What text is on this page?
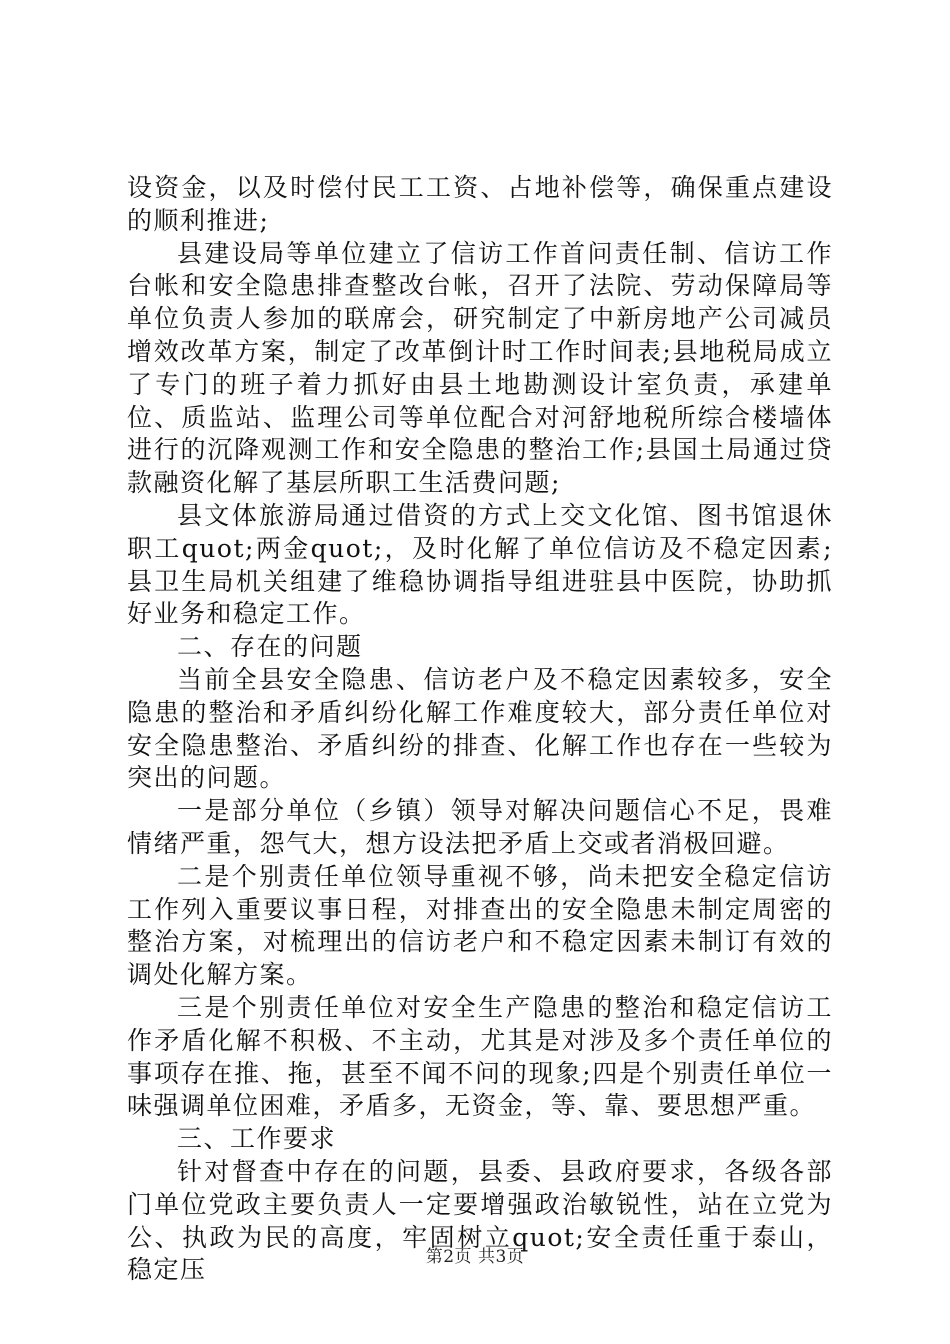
设资金，以及时偿付民工工资、占地补偿等，确保重点建设的顺利推进;

县建设局等单位建立了信访工作首问责任制、信访工作台帐和安全隐患排查整改台帐，召开了法院、劳动保障局等单位负责人参加的联席会，研究制定了中新房地产公司减员增效改革方案，制定了改革倒计时工作时间表;县地税局成立了专门的班子着力抓好由县土地勘测设计室负责，承建单位、质监站、监理公司等单位配合对河舒地税所综合楼墙体进行的沉降观测工作和安全隐患的整治工作;县国土局通过贷款融资化解了基层所职工生活费问题;

县文体旅游局通过借资的方式上交文化馆、图书馆退休职工quot;两金quot;，及时化解了单位信访及不稳定因素;县卫生局机关组建了维稳协调指导组进驻县中医院，协助抓好业务和稳定工作。

二、存在的问题

当前全县安全隐患、信访老户及不稳定因素较多，安全隐患的整治和矛盾纠纷化解工作难度较大，部分责任单位对安全隐患整治、矛盾纠纷的排查、化解工作也存在一些较为突出的问题。

一是部分单位（乡镇）领导对解决问题信心不足，畏难情绪严重，怨气大，想方设法把矛盾上交或者消极回避。

二是个别责任单位领导重视不够，尚未把安全稳定信访工作列入重要议事日程，对排查出的安全隐患未制定周密的整治方案，对梳理出的信访老户和不稳定因素未制订有效的调处化解方案。

三是个别责任单位对安全生产隐患的整治和稳定信访工作矛盾化解不积极、不主动，尤其是对涉及多个责任单位的事项存在推、拖，甚至不闻不问的现象;四是个别责任单位一味强调单位困难，矛盾多，无资金，等、靠、要思想严重。

三、工作要求

针对督查中存在的问题，县委、县政府要求，各级各部门单位党政主要负责人一定要增强政治敏锐性，站在立党为公、执政为民的高度，牢固树立quot;安全责任重于泰山，稳定压	第2页 共3页
